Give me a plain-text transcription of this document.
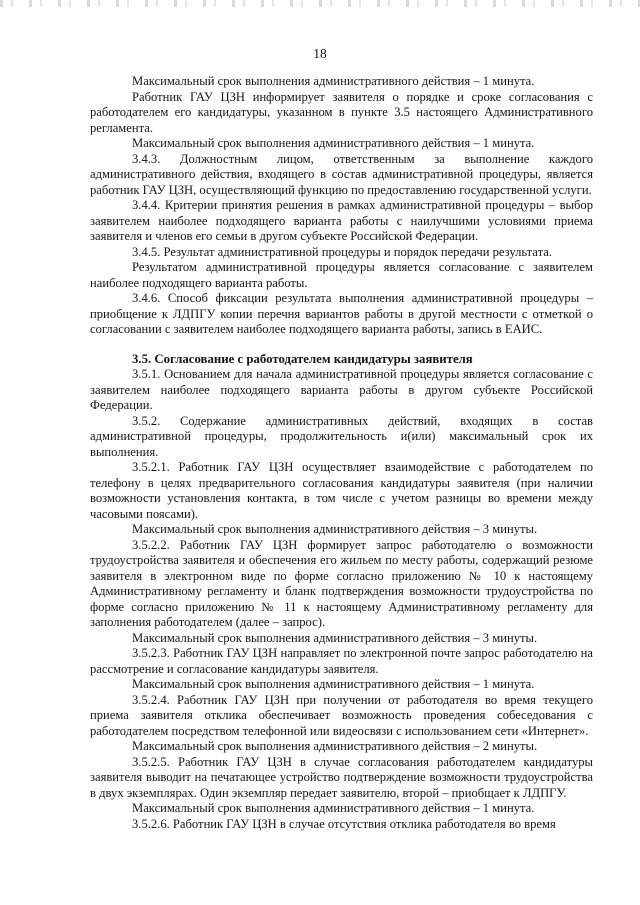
18

Максимальный срок выполнения административного действия – 1 минута.

Работник ГАУ ЦЗН информирует заявителя о порядке и сроке согласования с работодателем его кандидатуры, указанном в пункте 3.5 настоящего Административного регламента.

Максимальный срок выполнения административного действия – 1 минута.

3.4.3. Должностным лицом, ответственным за выполнение каждого административного действия, входящего в состав административной процедуры, является работник ГАУ ЦЗН, осуществляющий функцию по предоставлению государственной услуги.

3.4.4. Критерии принятия решения в рамках административной процедуры – выбор заявителем наиболее подходящего варианта работы с наилучшими условиями приема заявителя и членов его семьи в другом субъекте Российской Федерации.

3.4.5. Результат административной процедуры и порядок передачи результата.

Результатом административной процедуры является согласование с заявителем наиболее подходящего варианта работы.

3.4.6. Способ фиксации результата выполнения административной процедуры – приобщение к ЛДПГУ копии перечня вариантов работы в другой местности с отметкой о согласовании с заявителем наиболее подходящего варианта работы, запись в ЕАИС.

3.5. Согласование с работодателем кандидатуры заявителя

3.5.1. Основанием для начала административной процедуры является согласование с заявителем наиболее подходящего варианта работы в другом субъекте Российской Федерации.

3.5.2. Содержание административных действий, входящих в состав административной процедуры, продолжительность и(или) максимальный срок их выполнения.

3.5.2.1. Работник ГАУ ЦЗН осуществляет взаимодействие с работодателем по телефону в целях предварительного согласования кандидатуры заявителя (при наличии возможности установления контакта, в том числе с учетом разницы во времени между часовыми поясами).

Максимальный срок выполнения административного действия – 3 минуты.

3.5.2.2. Работник ГАУ ЦЗН формирует запрос работодателю о возможности трудоустройства заявителя и обеспечения его жильем по месту работы, содержащий резюме заявителя в электронном виде по форме согласно приложению № 10 к настоящему Административному регламенту и бланк подтверждения возможности трудоустройства по форме согласно приложению № 11 к настоящему Административному регламенту для заполнения работодателем (далее – запрос).

Максимальный срок выполнения административного действия – 3 минуты.

3.5.2.3. Работник ГАУ ЦЗН направляет по электронной почте запрос работодателю на рассмотрение и согласование кандидатуры заявителя.

Максимальный срок выполнения административного действия – 1 минута.

3.5.2.4. Работник ГАУ ЦЗН при получении от работодателя во время текущего приема заявителя отклика обеспечивает возможность проведения собеседования с работодателем посредством телефонной или видеосвязи с использованием сети «Интернет».

Максимальный срок выполнения административного действия – 2 минуты.

3.5.2.5. Работник ГАУ ЦЗН в случае согласования работодателем кандидатуры заявителя выводит на печатающее устройство подтверждение возможности трудоустройства в двух экземплярах. Один экземпляр передает заявителю, второй – приобщает к ЛДПГУ.

Максимальный срок выполнения административного действия – 1 минута.

3.5.2.6. Работник ГАУ ЦЗН в случае отсутствия отклика работодателя во время
